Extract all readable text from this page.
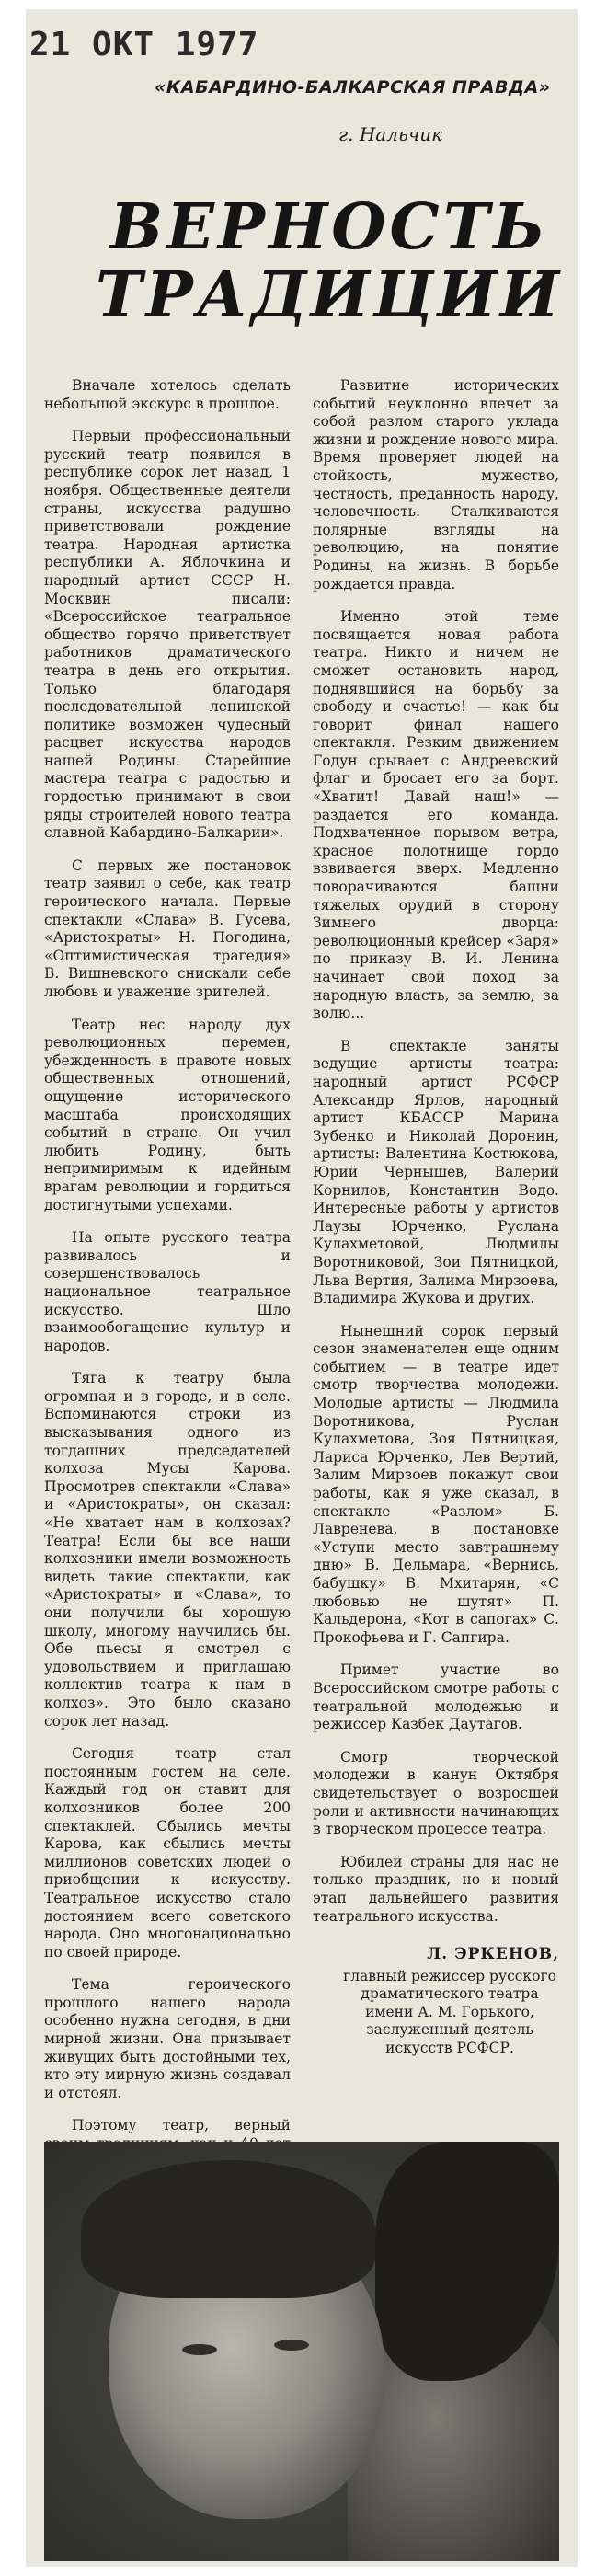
21 ОКТ 1977
«КАБАРДИНО-БАЛКАРСКАЯ ПРАВДА»
г. Нальчик
ВЕРНОСТЬ ТРАДИЦИИ

Вначале хотелось сделать небольшой экскурс в прошлое.

Первый профессиональный русский театр появился в республике сорок лет назад, 1 ноября. Общественные деятели страны, искусства радушно приветствовали рождение театра. Народная артистка республики А. Яблочкина и народный артист СССР Н. Москвин писали: «Всероссийское театральное общество горячо приветствует работников драматического театра в день его открытия. Только благодаря последовательной ленинской политике возможен чудесный расцвет искусства народов нашей Родины. Старейшие мастера театра с радостью и гордостью принимают в свои ряды строителей нового театра славной Кабардино-Балкарии».

С первых же постановок театр заявил о себе, как театр героического начала. Первые спектакли «Слава» В. Гусева, «Аристократы» Н. Погодина, «Оптимистическая трагедия» В. Вишневского снискали себе любовь и уважение зрителей.

Театр нес народу дух революционных перемен, убежденность в правоте новых общественных отношений, ощущение исторического масштаба происходящих событий в стране. Он учил любить Родину, быть непримиримым к идейным врагам революции и гордиться достигнутыми успехами.

На опыте русского театра развивалось и совершенствовалось национальное театральное искусство. Шло взаимообогащение культур и народов.

Тяга к театру была огромная и в городе, и в селе. Вспоминаются строки из высказывания одного из тогдашних председателей колхоза Мусы Карова. Просмотрев спектакли «Слава» и «Аристократы», он сказал: «Не хватает нам в колхозах? Театра! Если бы все наши колхозники имели возможность видеть такие спектакли, как «Аристократы» и «Слава», то они получили бы хорошую школу, многому научились бы. Обе пьесы я смотрел с удовольствием и приглашаю коллектив театра к нам в колхоз». Это было сказано сорок лет назад.

Сегодня театр стал постоянным гостем на селе. Каждый год он ставит для колхозников более 200 спектаклей. Сбылись мечты Карова, как сбылись мечты миллионов советских людей о приобщении к искусству. Театральное искусство стало достоянием всего советского народа. Оно многонационально по своей природе.

Тема героического прошлого нашего народа особенно нужна сегодня, в дни мирной жизни. Она призывает живущих быть достойными тех, кто эту мирную жизнь создавал и отстоял.

Поэтому театр, верный

Развитие исторических событий неуклонно влечет за собой разлом старого уклада жизни и рождение нового мира. Время проверяет людей на стойкость, мужество, честность, преданность народу, человечность. Сталкиваются полярные взгляды на революцию, на понятие Родины, на жизнь. В борьбе рождается правда.

Именно этой теме посвящается новая работа театра. Никто и ничем не сможет остановить народ, поднявшийся на борьбу за свободу и счастье! — как бы говорит финал нашего спектакля. Резким движением Годун срывает с Андреевский флаг и бросает его за борт. «Хватит! Давай наш!» — раздается его команда. Подхваченное порывом ветра, красное полотнище гордо взвивается вверх. Медленно поворачиваются башни тяжелых орудий в сторону Зимнего дворца: революционный крейсер «Заря» по приказу В. И. Ленина начинает свой поход за народную власть, за землю, за волю...

В спектакле заняты ведущие артисты театра: народный артист РСФСР Александр Ярлов, народный артист КБАССР Марина Зубенко и Николай Доронин, артисты: Валентина Костюкова, Юрий Чернышев, Валерий Корнилов, Константин Водо. Интересные работы у артистов Лаузы Юрченко, Руслана Кулахметовой, Людмилы Воротниковой, Зои Пятницкой, Льва Вертия, Залима Мирзоева, Владимира Жукова и других.

Нынешний сорок первый сезон знаменателен еще одним событием — в театре идет смотр творчества молодежи. Молодые артисты — Людмила Воротникова, Руслан Кулахметова, Зоя Пятницкая, Лариса Юрченко, Лев Вертий, Залим Мирзоев покажут свои работы, как я уже сказал, в спектакле «Разлом» Б. Лавренева, в постановке «Уступи место завтрашнему дню» В. Дельмара, «Вернись, бабушку» В. Мхитарян, «С любовью не шутят» П. Кальдерона, «Кот в сапогах» С. Прокофьева и Г. Сапгира.

Примет участие во Всероссийском смотре работы с театральной молодежью и режиссер Казбек Даутагов.

Смотр творческой молодежи в канун Октября свидетельствует о возросшей роли и активности начинающих в творческом процессе театра.

Юбилей страны для нас не только праздник, но и новый этап дальнейшего развития театрального искусства.

Л. ЭРКЕНОВ,
главный режиссер русского драматического театра имени А. М. Горького, заслуженный деятель искусств РСФСР.
